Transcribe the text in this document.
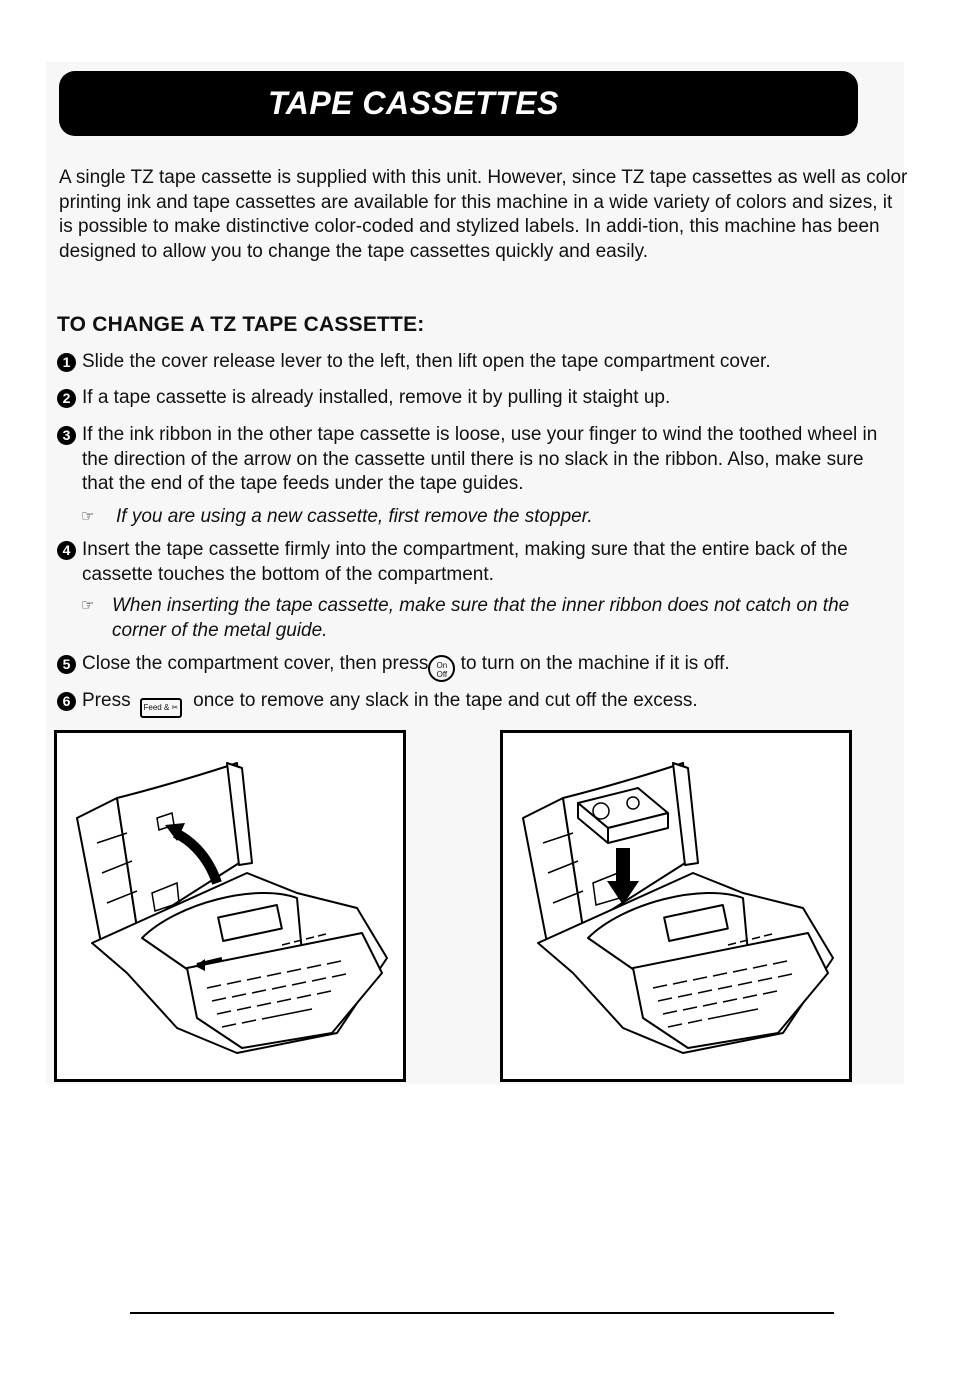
TAPE CASSETTES
A single TZ tape cassette is supplied with this unit. However, since TZ tape cassettes as well as color printing ink and tape cassettes are available for this machine in a wide variety of colors and sizes, it is possible to make distinctive color-coded and stylized labels. In addi-tion, this machine has been designed to allow you to change the tape cassettes quickly and easily.
TO CHANGE A TZ TAPE CASSETTE:
1 Slide the cover release lever to the left, then lift open the tape compartment cover.
2 If a tape cassette is already installed, remove it by pulling it staight up.
3 If the ink ribbon in the other tape cassette is loose, use your finger to wind the toothed wheel in the direction of the arrow on the cassette until there is no slack in the ribbon. Also, make sure that the end of the tape feeds under the tape guides.
☞ If you are using a new cassette, first remove the stopper.
4 Insert the tape cassette firmly into the compartment, making sure that the entire back of the cassette touches the bottom of the compartment.
☞ When inserting the tape cassette, make sure that the inner ribbon does not catch on the corner of the metal guide.
5 Close the compartment cover, then press On
Off to turn on the machine if it is off.
6 Press Feed & ✂ once to remove any slack in the tape and cut off the excess.
